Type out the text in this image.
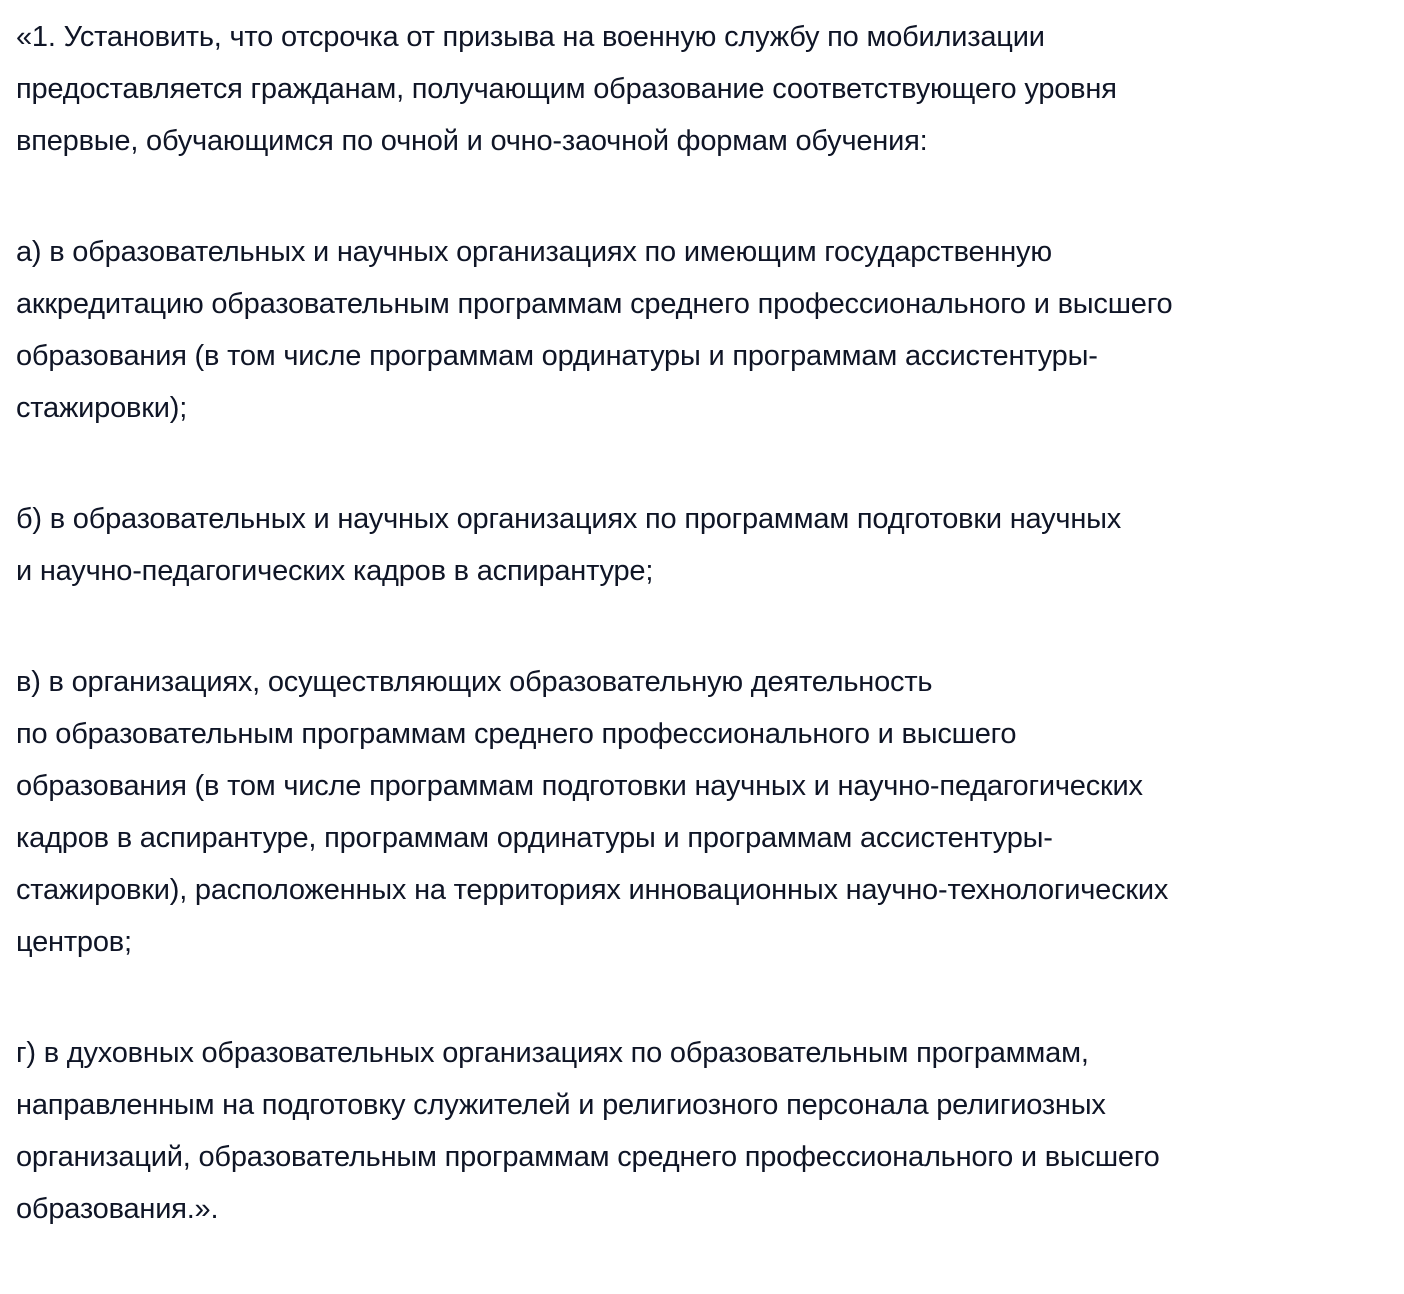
«1. Установить, что отсрочка от призыва на военную службу по мобилизации
предоставляется гражданам, получающим образование соответствующего уровня
впервые, обучающимся по очной и очно-заочной формам обучения:
а) в образовательных и научных организациях по имеющим государственную
аккредитацию образовательным программам среднего профессионального и высшего
образования (в том числе программам ординатуры и программам ассистентуры-
стажировки);
б) в образовательных и научных организациях по программам подготовки научных
и научно-педагогических кадров в аспирантуре;
в) в организациях, осуществляющих образовательную деятельность
по образовательным программам среднего профессионального и высшего
образования (в том числе программам подготовки научных и научно-педагогических
кадров в аспирантуре, программам ординатуры и программам ассистентуры-
стажировки), расположенных на территориях инновационных научно-технологических
центров;
г) в духовных образовательных организациях по образовательным программам,
направленным на подготовку служителей и религиозного персонала религиозных
организаций, образовательным программам среднего профессионального и высшего
образования.».
